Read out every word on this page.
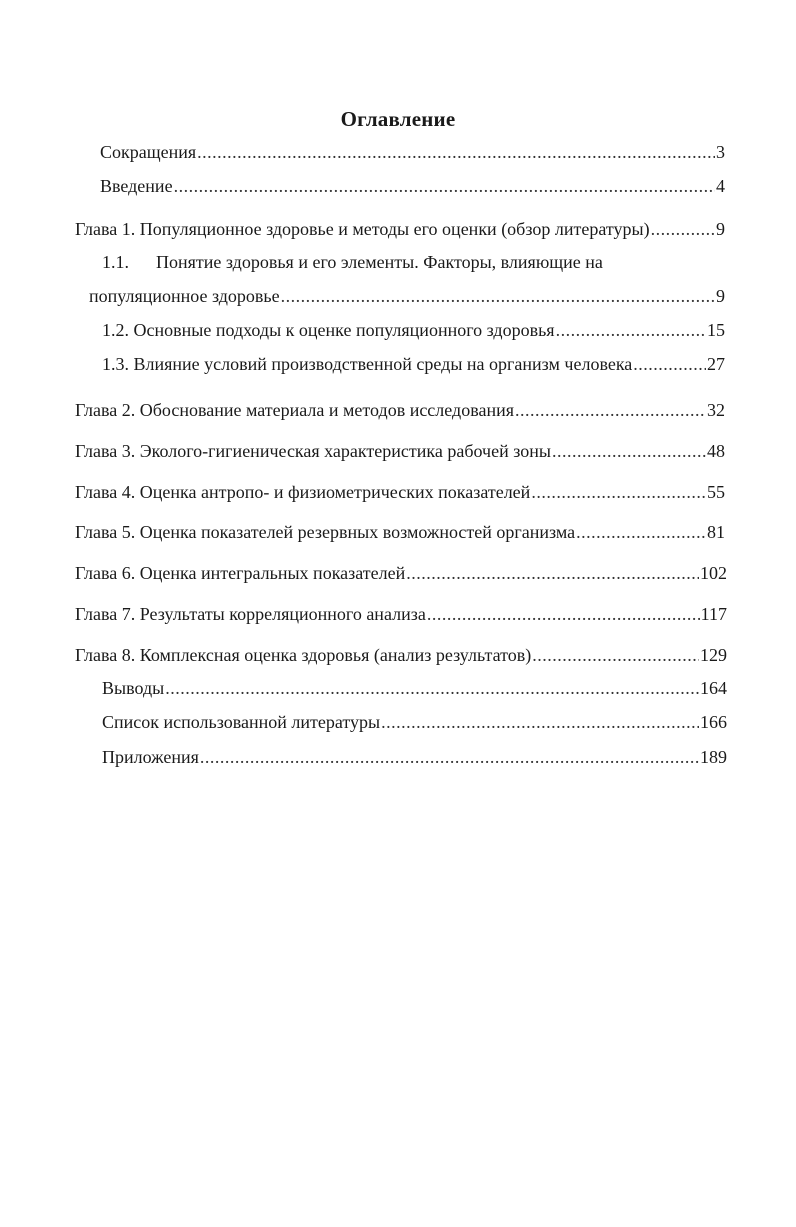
Оглавление
Сокращения .....	3
Введение .....	4
Глава 1. Популяционное здоровье и методы его оценки (обзор литературы) .....	9
1.1. Понятие здоровья и его элементы. Факторы, влияющие на
популяционное здоровье .....	9
1.2. Основные подходы к оценке популяционного здоровья .....	15
1.3. Влияние условий производственной среды на организм человека .....	27
Глава 2. Обоснование материала и методов исследования .....	32
Глава 3. Эколого-гигиеническая характеристика рабочей зоны .....	48
Глава 4. Оценка антропо- и физиометрических показателей .....	55
Глава 5. Оценка показателей резервных возможностей организма .....	81
Глава 6. Оценка интегральных показателей .....	102
Глава 7. Результаты корреляционного анализа .....	117
Глава 8. Комплексная оценка здоровья (анализ результатов) .....	129
Выводы .....	164
Список использованной литературы .....	166
Приложения .....	189
